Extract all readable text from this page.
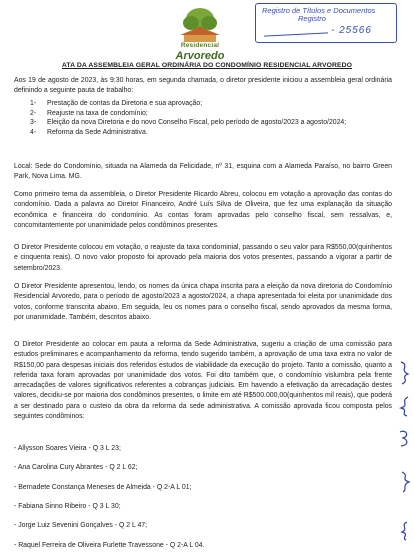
Residencial
Arvoredo
Registro de Títulos e Documentos
Registro
- 25566
ATA DA ASSEMBLEIA GERAL ORDINÁRIA DO CONDOMÍNIO RESIDENCIAL ARVOREDO
Aos 19 de agosto de 2023, às 9:30 horas, em segunda chamada, o diretor presidente iniciou a assembleia geral ordinária definindo a seguinte pauta de trabalho:
1- Prestação de contas da Diretoria e sua aprovação;
2- Reajuste na taxa de condomínio;
3- Eleição da nova Diretoria e do novo Conselho Fiscal, pelo período de agosto/2023 a agosto/2024;
4- Reforma da Sede Administrativa.
Local: Sede do Condomínio, situada na Alameda da Felicidade, nº 31, esquina com a Alameda Paraíso, no bairro Green Park, Nova Lima. MG.
Como primeiro tema da assembleia, o Diretor Presidente Ricardo Abreu, colocou em votação a aprovação das contas do condomínio. Dada a palavra ao Diretor Financeiro, André Luís Silva de Oliveira, que fez uma explanação da situação econômica e financeira do condomínio. As contas foram aprovadas pelo conselho fiscal, sem ressalvas, e, concomitantemente por unanimidade pelos condôminos presentes.
O Diretor Presidente colocou em votação, o reajuste da taxa condominial, passando o seu valor para R$550,00(quinhentos e cinquenta reais). O novo valor proposto foi aprovado pela maioria dos votos presentes, passando a vigorar a partir de setembro/2023.
O Diretor Presidente apresentou, lendo, os nomes da única chapa inscrita para a eleição da nova diretoria do Condomínio Residencial Arvoredo, para o período de agosto/2023 a agosto/2024, a chapa apresentada foi eleita por unanimidade dos votos, conforme transcrita abaixo. Em seguida, leu os nomes para o conselho fiscal, sendo aprovados da mesma forma, por unanimidade. Também, descritos abaixo.
O Diretor Presidente ao colocar em pauta a reforma da Sede Administrativa, sugeriu a criação de uma comissão para estudos preliminares e acompanhamento da reforma, tendo sugerido também, a aprovação de uma taxa extra no valor de R$150,00 para despesas iniciais dos referidos estudos de viabilidade da execução do projeto. Tanto a comissão, quanto a referida taxa foram aprovadas por unanimidade dos votos. Foi dito também que, o condomínio vislumbra pela frente arrecadações de valores significativos referentes a cobranças judiciais. Em havendo a efetivação da arrecadação destes valores, decidiu-se por maioria dos condôminos presentes, o limite em até R$500.000,00(quinhentos mil reais), que poderá a ser destinado para o custeio da obra da reforma da sede administrativa. A comissão aprovada ficou composta pelos seguintes condôminos:
- Allysson Soares Vieira - Q 3 L 23;
- Ana Carolina Cury Abrantes - Q 2 L 62;
- Bernadete Constança Meneses de Almeida - Q 2-A L 01;
- Fabiana Sinno Ribeiro - Q 3 L 30;
- Jorge Luiz Sevenini Gonçalves - Q 2 L 47;
- Raquel Ferreira de Oliveira Furlette Travessone - Q 2-A L 04.
